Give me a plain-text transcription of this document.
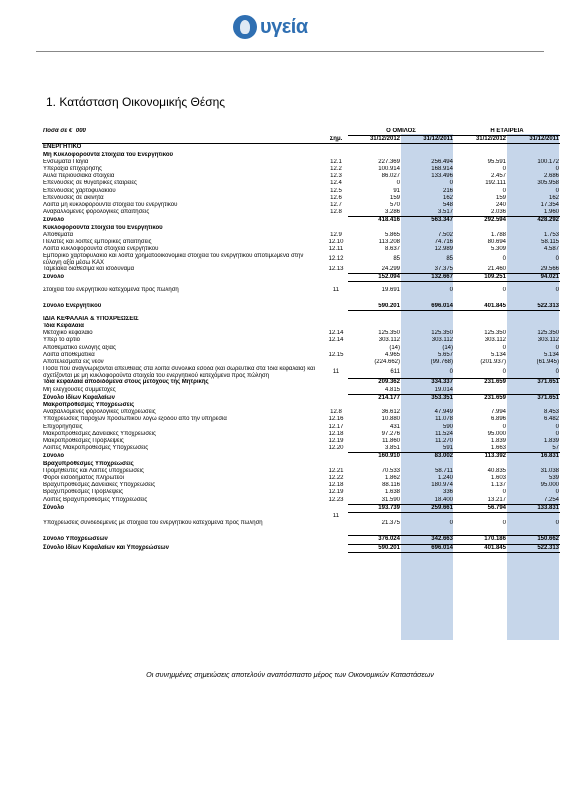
υγεία
1. Κατάσταση Οικονομικής Θέσης
Ποσά σε € ΄000		Ο ΟΜΙΛΟΣ		Η ΕΤΑΙΡΕΙΑ	
	Σημ.	31/12/2012	31/12/2011	31/12/2012	31/12/2011
ΕΝΕΡΓΗΤΙΚΟ					
Μη Κυκλοφορούντα Στοιχεία του Ενεργητικού					
Ενσώματα Πάγια	12.1	227.369	256.494	95.591	100.172
Υπεραξία επιχείρησης	12.2	100.914	168.914	0	0
Άυλα περιουσιακά στοιχεία	12.3	86.027	133.496	2.457	2.686
Επενδύσεις σε θυγατρικές εταιρείες	12.4	0	0	192.111	305.958
Επενδύσεις χαρτοφυλακίου	12.5	91	216	0	0
Επενδύσεις σε ακίνητα	12.6	159	162	159	162
Λοιπά μη κυκλοφορούντα στοιχεία του ενεργητικού	12.7	570	548	240	17.354
Αναβαλλόμενες φορολογικές απαιτήσεις	12.8	3.286	3.517	2.036	1.960
Σύνολο		418.416	563.347	292.594	428.292
Κυκλοφορούντα Στοιχεία του Ενεργητικού					
Αποθέματα	12.9	5.865	7.502	1.788	1.753
Πελάτες και λοιπές εμπορικές απαιτήσεις	12.10	113.208	74.716	80.694	58.115
Λοιπά κυκλοφορούντα στοιχεία ενεργητικού	12.11	8.637	12.989	5.309	4.587
Εμπορικό χαρτοφυλάκιο και λοιπά χρηματοοικονομικά στοιχεία του ενεργητικού αποτιμώμενα στην εύλογη αξία μέσω ΚΑΧ	12.12	85	85	0	0
Ταμειακά διαθέσιμα και ισοδύναμα	12.13	24.299	37.375	21.460	29.566
Σύνολο		152.094	132.667	109.251	94.021

Στοιχεία του ενεργητικού κατεχόμενα προς πώληση	11	19.691	0	0	0

Σύνολο Ενεργητικού		590.201	696.014	401.845	522.313

ΙΔΙΑ ΚΕΦΑΛΑΙΑ & ΥΠΟΧΡΕΩΣΕΙΣ					
Ίδια Κεφάλαια					
Μετοχικό κεφάλαιο	12.14	125.350	125.350	125.350	125.350
Υπέρ το άρτιο	12.14	303.112	303.112	303.112	303.112
Αποθεματικό εύλογης αξίας		(14)	(14)	0	0
Λοιπά αποθεματικά	12.15	4.965	5.657	5.134	5.134
Αποτελέσματα εις νέον		(224.662)	(99.768)	(201.937)	(61.945)
Ποσά που αναγνωρίζονται απευθείας στα λοιπά συνολικά έσοδα (και σωρευτικά στα Ίδια κεφάλαια) και σχετίζονται με μη κυκλοφορούντα στοιχεία του ενεργητικού κατεχόμενα προς πώληση	11	611	0	0	0
Ίδια κεφάλαια αποδιδόμενα στους μετόχους της Μητρικής		209.362	334.337	231.659	371.651
Μη ελέγχουσες συμμετοχές		4.815	19.014		
Σύνολο Ιδίων Κεφαλαίων		214.177	353.351	231.659	371.651
Μακροπρόθεσμες Υποχρεώσεις					
Αναβαλλόμενες φορολογικές υποχρεώσεις	12.8	36.612	47.949	7.994	8.453
Υποχρεώσεις παροχών προσωπικού λόγω εξόδου από την υπηρεσία	12.16	10.880	11.078	6.896	6.482
Επιχορηγήσεις	12.17	431	590	0	0
Μακροπρόθεσμες Δανειακές Υποχρεώσεις	12.18	97.276	11.524	95.000	0
Μακροπρόθεσμες Προβλέψεις	12.19	11.860	11.270	1.839	1.839
Λοιπές Μακροπρόθεσμες Υποχρεώσεις	12.20	3.851	591	1.663	57
Σύνολο		160.910	83.002	113.392	16.831
Βραχυπρόθεσμες Υποχρεώσεις					
Προμηθευτές και Λοιπές υποχρεώσεις	12.21	70.533	58.711	40.835	31.038
Φόροι εισοδήματος πληρωτέοι	12.22	1.862	1.240	1.603	539
Βραχυπρόθεσμες Δανειακές Υποχρεώσεις	12.18	88.116	180.974	1.137	95.000
Βραχυπρόθεσμες Προβλέψεις	12.19	1.638	336	0	0
Λοιπές Βραχυπρόθεσμες Υποχρεώσεις	12.23	31.590	18.400	13.217	7.254
Σύνολο		193.739	259.661	56.794	133.831
	11				
Υποχρεώσεις συνδεδεμένες με στοιχεία του ενεργητικού κατεχόμενα προς πώληση		21.375	0	0	0

Σύνολο Υποχρεώσεων		376.024	342.663	170.186	150.662
Σύνολο Ιδίων Κεφαλαίων και Υποχρεώσεων		590.201	696.014	401.845	522.313
Οι συνημμένες σημειώσεις αποτελούν αναπόσπαστο μέρος των Οικονομικών Καταστάσεων
